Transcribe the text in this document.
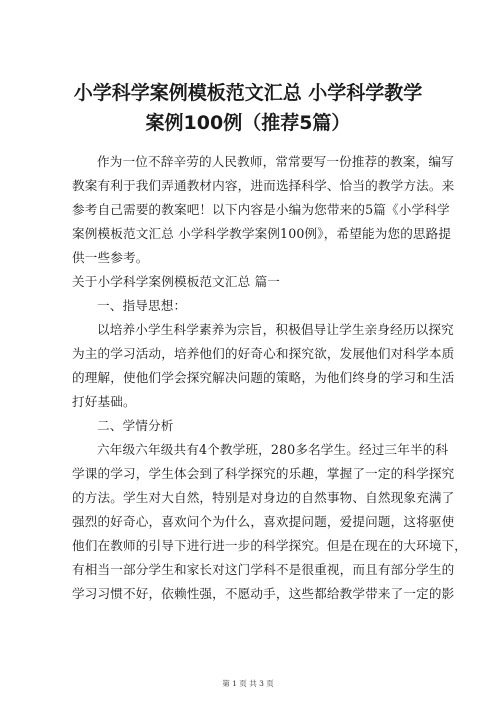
小学科学案例模板范文汇总 小学科学教学
案例100例（推荐5篇）

作为一位不辞辛劳的人民教师，常常要写一份推荐的教案，编写

教案有利于我们弄通教材内容，进而选择科学、恰当的教学方法。来

参考自己需要的教案吧！以下内容是小编为您带来的5篇《小学科学

案例模板范文汇总 小学科学教学案例100例》，希望能为您的思路提

供一些参考。

关于小学科学案例模板范文汇总 篇一

一、指导思想：

以培养小学生科学素养为宗旨，积极倡导让学生亲身经历以探究

为主的学习活动，培养他们的好奇心和探究欲，发展他们对科学本质

的理解，使他们学会探究解决问题的策略，为他们终身的学习和生活

打好基础。

二、学情分析

六年级六年级共有4个教学班，280多名学生。经过三年半的科

学课的学习，学生体会到了科学探究的乐趣，掌握了一定的科学探究

的方法。学生对大自然，特别是对身边的自然事物、自然现象充满了

强烈的好奇心，喜欢问个为什么，喜欢提问题，爱提问题，这将驱使

他们在教师的引导下进行进一步的科学探究。但是在现在的大环境下，

有相当一部分学生和家长对这门学科不是很重视，而且有部分学生的

学习习惯不好，依赖性强，不愿动手，这些都给教学带来了一定的影

第 1 页 共 3 页
